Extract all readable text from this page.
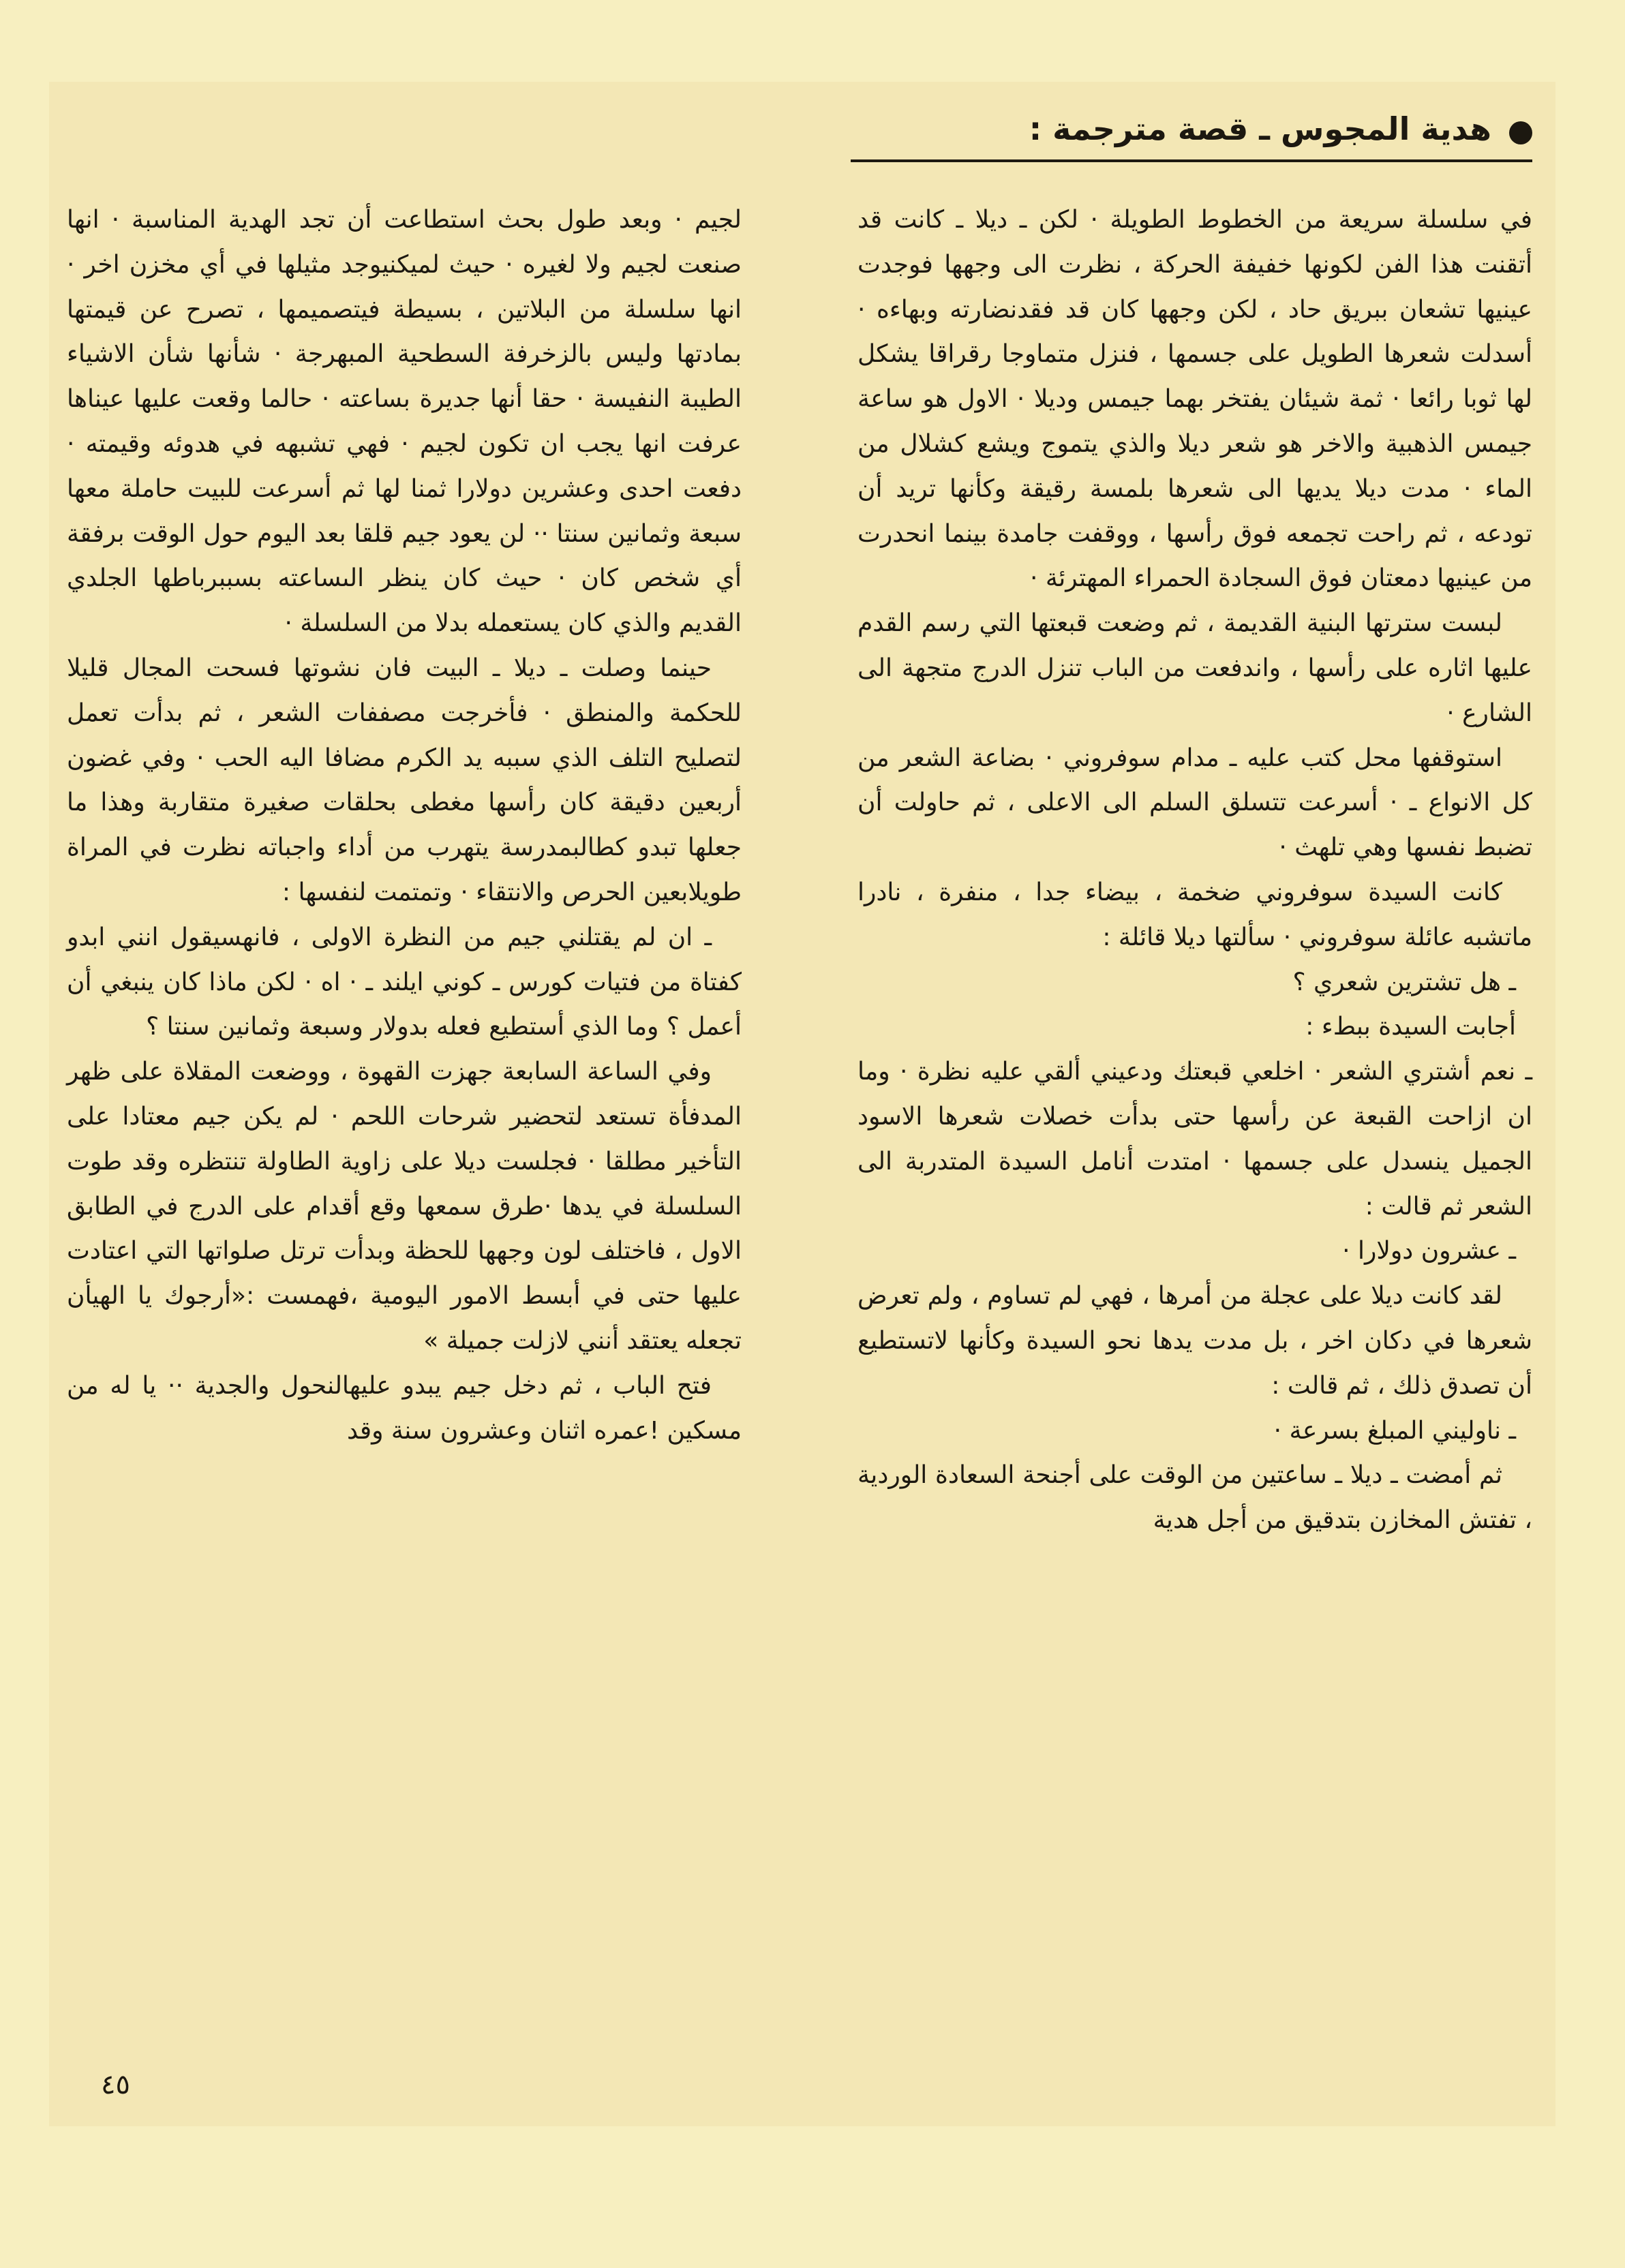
هدية المجوس ـ قصة مترجمة :

في سلسلة سريعة من الخطوط الطويلة · لكن ـ ديلا ـ كانت قد أتقنت هذا الفن لكونها خفيفة الحركة ، نظرت الى وجهها فوجدت عينيها تشعان ببريق حاد ، لكن وجهها كان قد فقدنضارته وبهاءه · أسدلت شعرها الطويل على جسمها ، فنزل متماوجا رقراقا يشكل لها ثوبا رائعا · ثمة شيئان يفتخر بهما جيمس وديلا · الاول هو ساعة جيمس الذهبية والاخر هو شعر ديلا والذي يتموج ويشع كشلال من الماء · مدت ديلا يديها الى شعرها بلمسة رقيقة وكأنها تريد أن تودعه ، ثم راحت تجمعه فوق رأسها ، ووقفت جامدة بينما انحدرت من عينيها دمعتان فوق السجادة الحمراء المهترئة ·

لبست سترتها البنية القديمة ، ثم وضعت قبعتها التي رسم القدم عليها اثاره على رأسها ، واندفعت من الباب تنزل الدرج متجهة الى الشارع ·

استوقفها محل كتب عليه ـ مدام سوفروني · بضاعة الشعر من كل الانواع ـ · أسرعت تتسلق السلم الى الاعلى ، ثم حاولت أن تضبط نفسها وهي تلهث ·

كانت السيدة سوفروني ضخمة ، بيضاء جدا ، منفرة ، نادرا ماتشبه عائلة سوفروني · سألتها ديلا قائلة :

ـ هل تشترين شعري ؟

أجابت السيدة ببطء :

ـ نعم أشتري الشعر · اخلعي قبعتك ودعيني ألقي عليه نظرة · وما ان ازاحت القبعة عن رأسها حتى بدأت خصلات شعرها الاسود الجميل ينسدل على جسمها · امتدت أنامل السيدة المتدربة الى الشعر ثم قالت :

ـ عشرون دولارا ·

لقد كانت ديلا على عجلة من أمرها ، فهي لم تساوم ، ولم تعرض شعرها في دكان اخر ، بل مدت يدها نحو السيدة وكأنها لاتستطيع أن تصدق ذلك ، ثم قالت :

ـ ناوليني المبلغ بسرعة ·

ثم أمضت ـ ديلا ـ ساعتين من الوقت على أجنحة السعادة الوردية ، تفتش المخازن بتدقيق من أجل هدية

لجيم · وبعد طول بحث استطاعت أن تجد الهدية المناسبة · انها صنعت لجيم ولا لغيره · حيث لميكنيوجد مثيلها في أي مخزن اخر · انها سلسلة من البلاتين ، بسيطة فيتصميمها ، تصرح عن قيمتها بمادتها وليس بالزخرفة السطحية المبهرجة · شأنها شأن الاشياء الطيبة النفيسة · حقا أنها جديرة بساعته · حالما وقعت عليها عيناها عرفت انها يجب ان تكون لجيم · فهي تشبهه في هدوئه وقيمته · دفعت احدى وعشرين دولارا ثمنا لها ثم أسرعت للبيت حاملة معها سبعة وثمانين سنتا ·· لن يعود جيم قلقا بعد اليوم حول الوقت برفقة أي شخص كان · حيث كان ينظر الىساعته بسببرباطها الجلدي القديم والذي كان يستعمله بدلا من السلسلة ·

حينما وصلت ـ ديلا ـ البيت فان نشوتها فسحت المجال قليلا للحكمة والمنطق · فأخرجت مصففات الشعر ، ثم بدأت تعمل لتصليح التلف الذي سببه يد الكرم مضافا اليه الحب · وفي غضون أربعين دقيقة كان رأسها مغطى بحلقات صغيرة متقاربة وهذا ما جعلها تبدو كطالبمدرسة يتهرب من أداء واجباته نظرت في المراة طويلابعين الحرص والانتقاء · وتمتمت لنفسها :

ـ ان لم يقتلني جيم من النظرة الاولى ، فانهسيقول انني ابدو كفتاة من فتيات كورس ـ كوني ايلند ـ · اه · لكن ماذا كان ينبغي أن أعمل ؟ وما الذي أستطيع فعله بدولار وسبعة وثمانين سنتا ؟

وفي الساعة السابعة جهزت القهوة ، ووضعت المقلاة على ظهر المدفأة تستعد لتحضير شرحات اللحم · لم يكن جيم معتادا على التأخير مطلقا · فجلست ديلا على زاوية الطاولة تنتظره وقد طوت السلسلة في يدها ·طرق سمعها وقع أقدام على الدرج في الطابق الاول ، فاختلف لون وجهها للحظة وبدأت ترتل صلواتها التي اعتادت عليها حتى في أبسط الامور اليومية ،فهمست :«أرجوك يا الهيأن تجعله يعتقد أنني لازلت جميلة »

فتح الباب ، ثم دخل جيم يبدو عليهالنحول والجدية ·· يا له من مسكين !عمره اثنان وعشرون سنة وقد

٤٥
